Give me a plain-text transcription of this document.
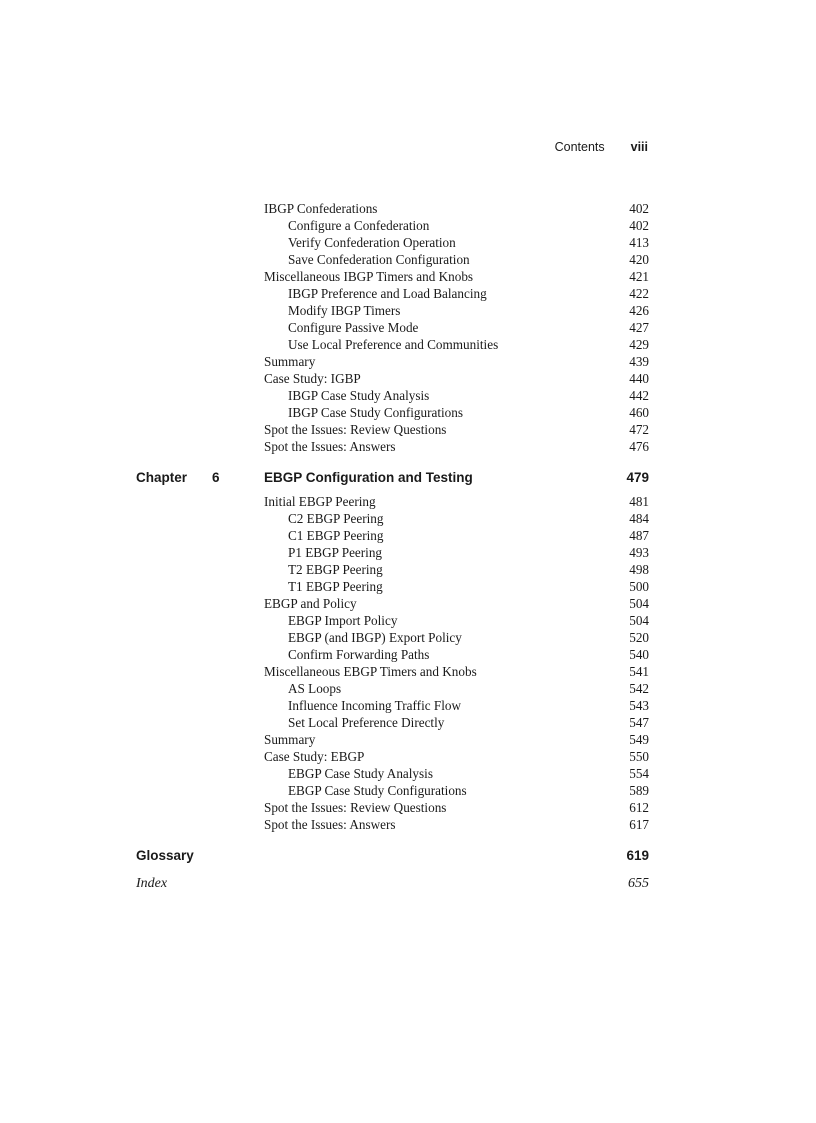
Contents viii
IBGP Confederations	402
Configure a Confederation	402
Verify Confederation Operation	413
Save Confederation Configuration	420
Miscellaneous IBGP Timers and Knobs	421
IBGP Preference and Load Balancing	422
Modify IBGP Timers	426
Configure Passive Mode	427
Use Local Preference and Communities	429
Summary	439
Case Study: IGBP	440
IBGP Case Study Analysis	442
IBGP Case Study Configurations	460
Spot the Issues: Review Questions	472
Spot the Issues: Answers	476
Chapter 6	EBGP Configuration and Testing	479
Initial EBGP Peering	481
C2 EBGP Peering	484
C1 EBGP Peering	487
P1 EBGP Peering	493
T2 EBGP Peering	498
T1 EBGP Peering	500
EBGP and Policy	504
EBGP Import Policy	504
EBGP (and IBGP) Export Policy	520
Confirm Forwarding Paths	540
Miscellaneous EBGP Timers and Knobs	541
AS Loops	542
Influence Incoming Traffic Flow	543
Set Local Preference Directly	547
Summary	549
Case Study: EBGP	550
EBGP Case Study Analysis	554
EBGP Case Study Configurations	589
Spot the Issues: Review Questions	612
Spot the Issues: Answers	617
Glossary	619
Index	655
